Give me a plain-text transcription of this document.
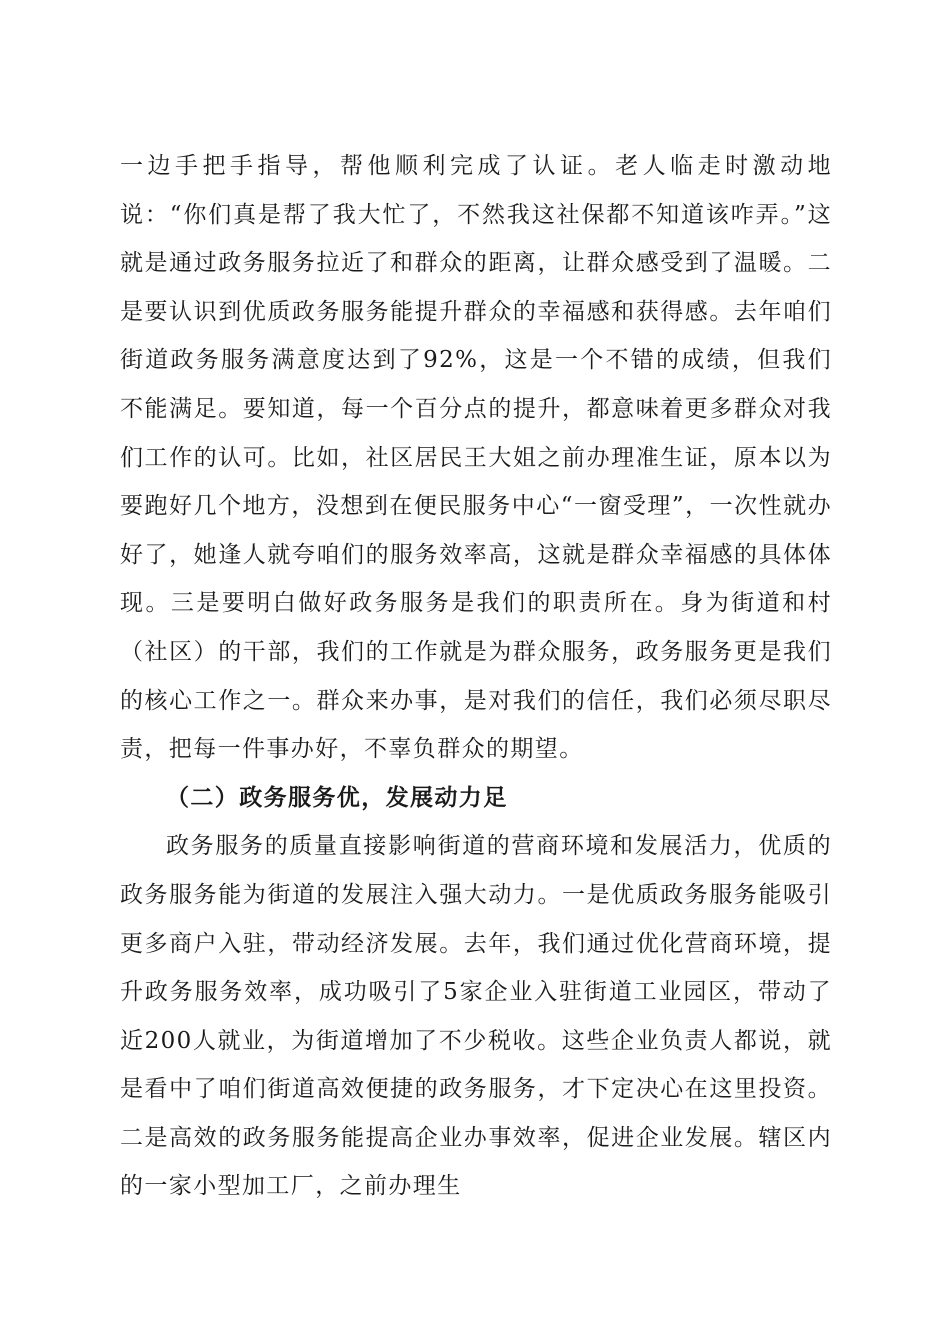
一边手把手指导，帮他顺利完成了认证。老人临走时激动地说：“你们真是帮了我大忙了，不然我这社保都不知道该咋弄。”这就是通过政务服务拉近了和群众的距离，让群众感受到了温暖。二是要认识到优质政务服务能提升群众的幸福感和获得感。去年咱们街道政务服务满意度达到了92%，这是一个不错的成绩，但我们不能满足。要知道，每一个百分点的提升，都意味着更多群众对我们工作的认可。比如，社区居民王大姐之前办理准生证，原本以为要跑好几个地方，没想到在便民服务中心“一窗受理”，一次性就办好了，她逢人就夸咱们的服务效率高，这就是群众幸福感的具体体现。三是要明白做好政务服务是我们的职责所在。身为街道和村（社区）的干部，我们的工作就是为群众服务，政务服务更是我们的核心工作之一。群众来办事，是对我们的信任，我们必须尽职尽责，把每一件事办好，不辜负群众的期望。

（二）政务服务优，发展动力足

政务服务的质量直接影响街道的营商环境和发展活力，优质的政务服务能为街道的发展注入强大动力。一是优质政务服务能吸引更多商户入驻，带动经济发展。去年，我们通过优化营商环境，提升政务服务效率，成功吸引了5家企业入驻街道工业园区，带动了近200人就业，为街道增加了不少税收。这些企业负责人都说，就是看中了咱们街道高效便捷的政务服务，才下定决心在这里投资。二是高效的政务服务能提高企业办事效率，促进企业发展。辖区内的一家小型加工厂，之前办理生
